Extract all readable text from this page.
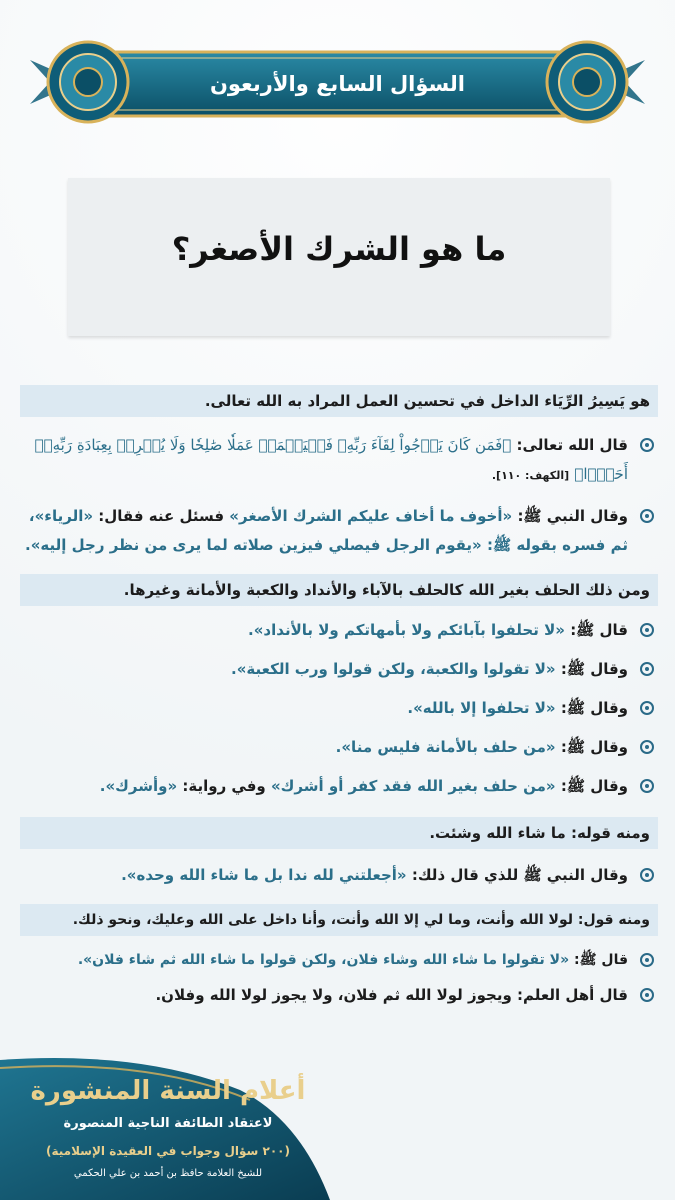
السؤال السابع والأربعون
ما هو الشرك الأصغر؟
هو يَسِيرُ الرِّيَاء الداخل في تحسين العمل المراد به الله تعالى.
قال الله تعالى: ﴿فَمَن كَانَ يَرۡجُواْ لِقَآءَ رَبِّهِۦ فَلۡيَعۡمَلۡ عَمَلٗا صَٰلِحٗا وَلَا يُشۡرِكۡ بِعِبَادَةِ رَبِّهِۦٓ أَحَدَۢا﴾ [الكهف: ١١٠].
وقال النبي ﷺ: «أخوف ما أخاف عليكم الشرك الأصغر» فسئل عنه فقال: «الرياء»، ثم فسره بقوله ﷺ: «يقوم الرجل فيصلي فيزين صلاته لما يرى من نظر رجل إليه».
ومن ذلك الحلف بغير الله كالحلف بالآباء والأنداد والكعبة والأمانة وغيرها.
قال ﷺ: «لا تحلفوا بآبائكم ولا بأمهاتكم ولا بالأنداد».
وقال ﷺ: «لا تقولوا والكعبة، ولكن قولوا ورب الكعبة».
وقال ﷺ: «لا تحلفوا إلا بالله».
وقال ﷺ: «من حلف بالأمانة فليس منا».
وقال ﷺ: «من حلف بغير الله فقد كفر أو أشرك» وفي رواية: «وأشرك».
ومنه قوله: ما شاء الله وشئت.
وقال النبي ﷺ للذي قال ذلك: «أجعلتني لله ندا بل ما شاء الله وحده».
ومنه قول: لولا الله وأنت، وما لي إلا الله وأنت، وأنا داخل على الله وعليك، ونحو ذلك.
قال ﷺ: «لا تقولوا ما شاء الله وشاء فلان، ولكن قولوا ما شاء الله ثم شاء فلان».
قال أهل العلم: ويجوز لولا الله ثم فلان، ولا يجوز لولا الله وفلان.
أعلام السنة المنشورة
لاعتقاد الطائفة الناجية المنصورة
(٢٠٠ سؤال وجواب في العقيدة الإسلامية)
للشيخ العلامة حافظ بن أحمد بن علي الحكمي
